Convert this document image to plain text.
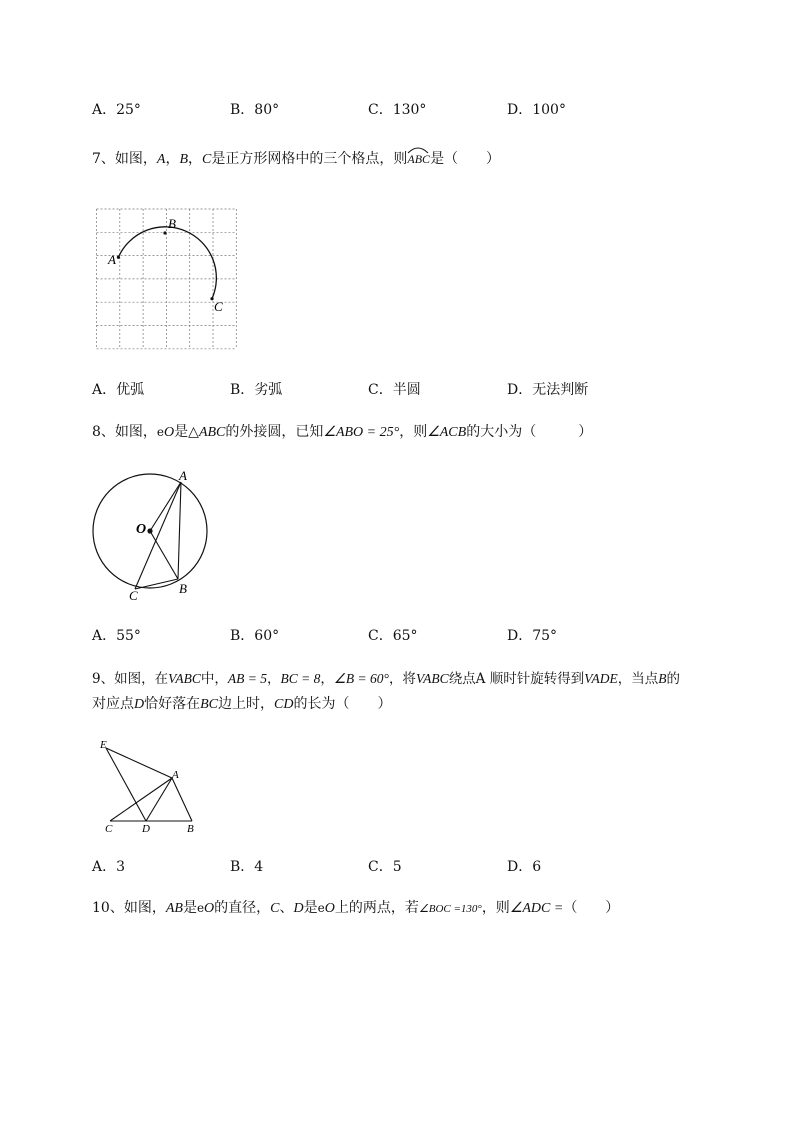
A．25°	B．80°	C．130°	D．100°
7、如图，A，B，C是正方形网格中的三个格点，则
ABC是（　　）
A
B
C
A．优弧	B．劣弧	C．半圆	D．无法判断
8、如图，eO是△ABC的外接圆，已知∠ABO = 25°，则∠ACB的大小为（　　　）
A
O
B
C
A．55°	B．60°	C．65°	D．75°
9、如图，在VABC中，AB = 5，BC = 8，∠B = 60°，将VABC绕点A 顺时针旋转得到VADE，当点B的
对应点D恰好落在BC边上时，CD的长为（　　）
E
A
C	D	B
A．3	B．4	C．5	D．6
10、如图，AB是eO的直径，C、D是eO上的两点，若∠BOC =130°，则∠ADC =（　　）
